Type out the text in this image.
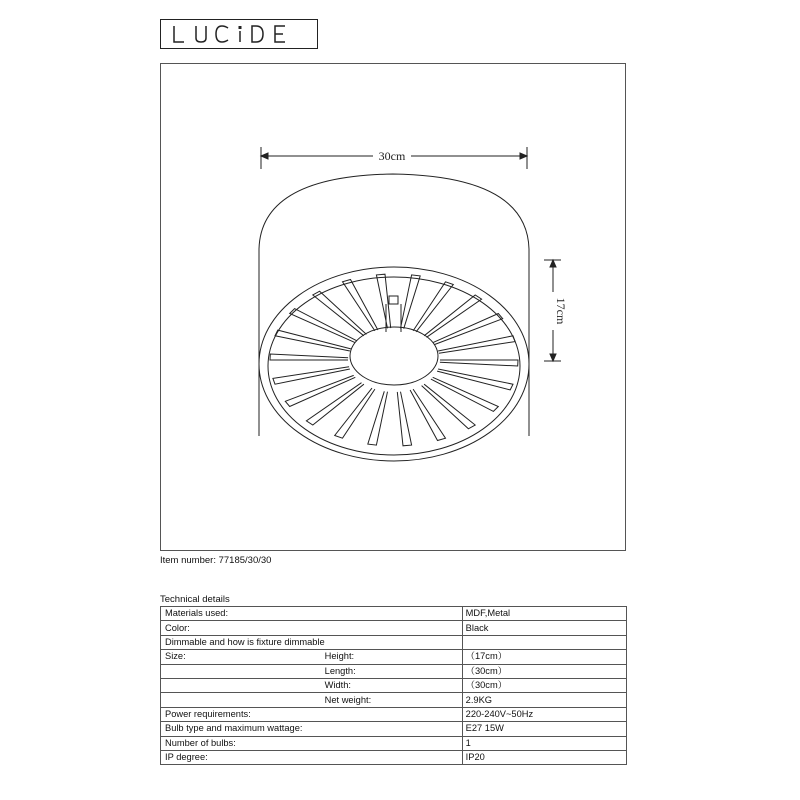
30cm
17cm
Item number: 77185/30/30
Technical details
Materials used:		MDF,Metal
Color:		Black
Dimmable and how is fixture dimmable		
Size:	Height:	（17cm）
	Length:	（30cm）
	Width:	（30cm）
	Net weight:	2.9KG
Power requirements:		220-240V~50Hz
Bulb type and maximum wattage:		E27 15W
Number of bulbs:		1
IP degree:		IP20
